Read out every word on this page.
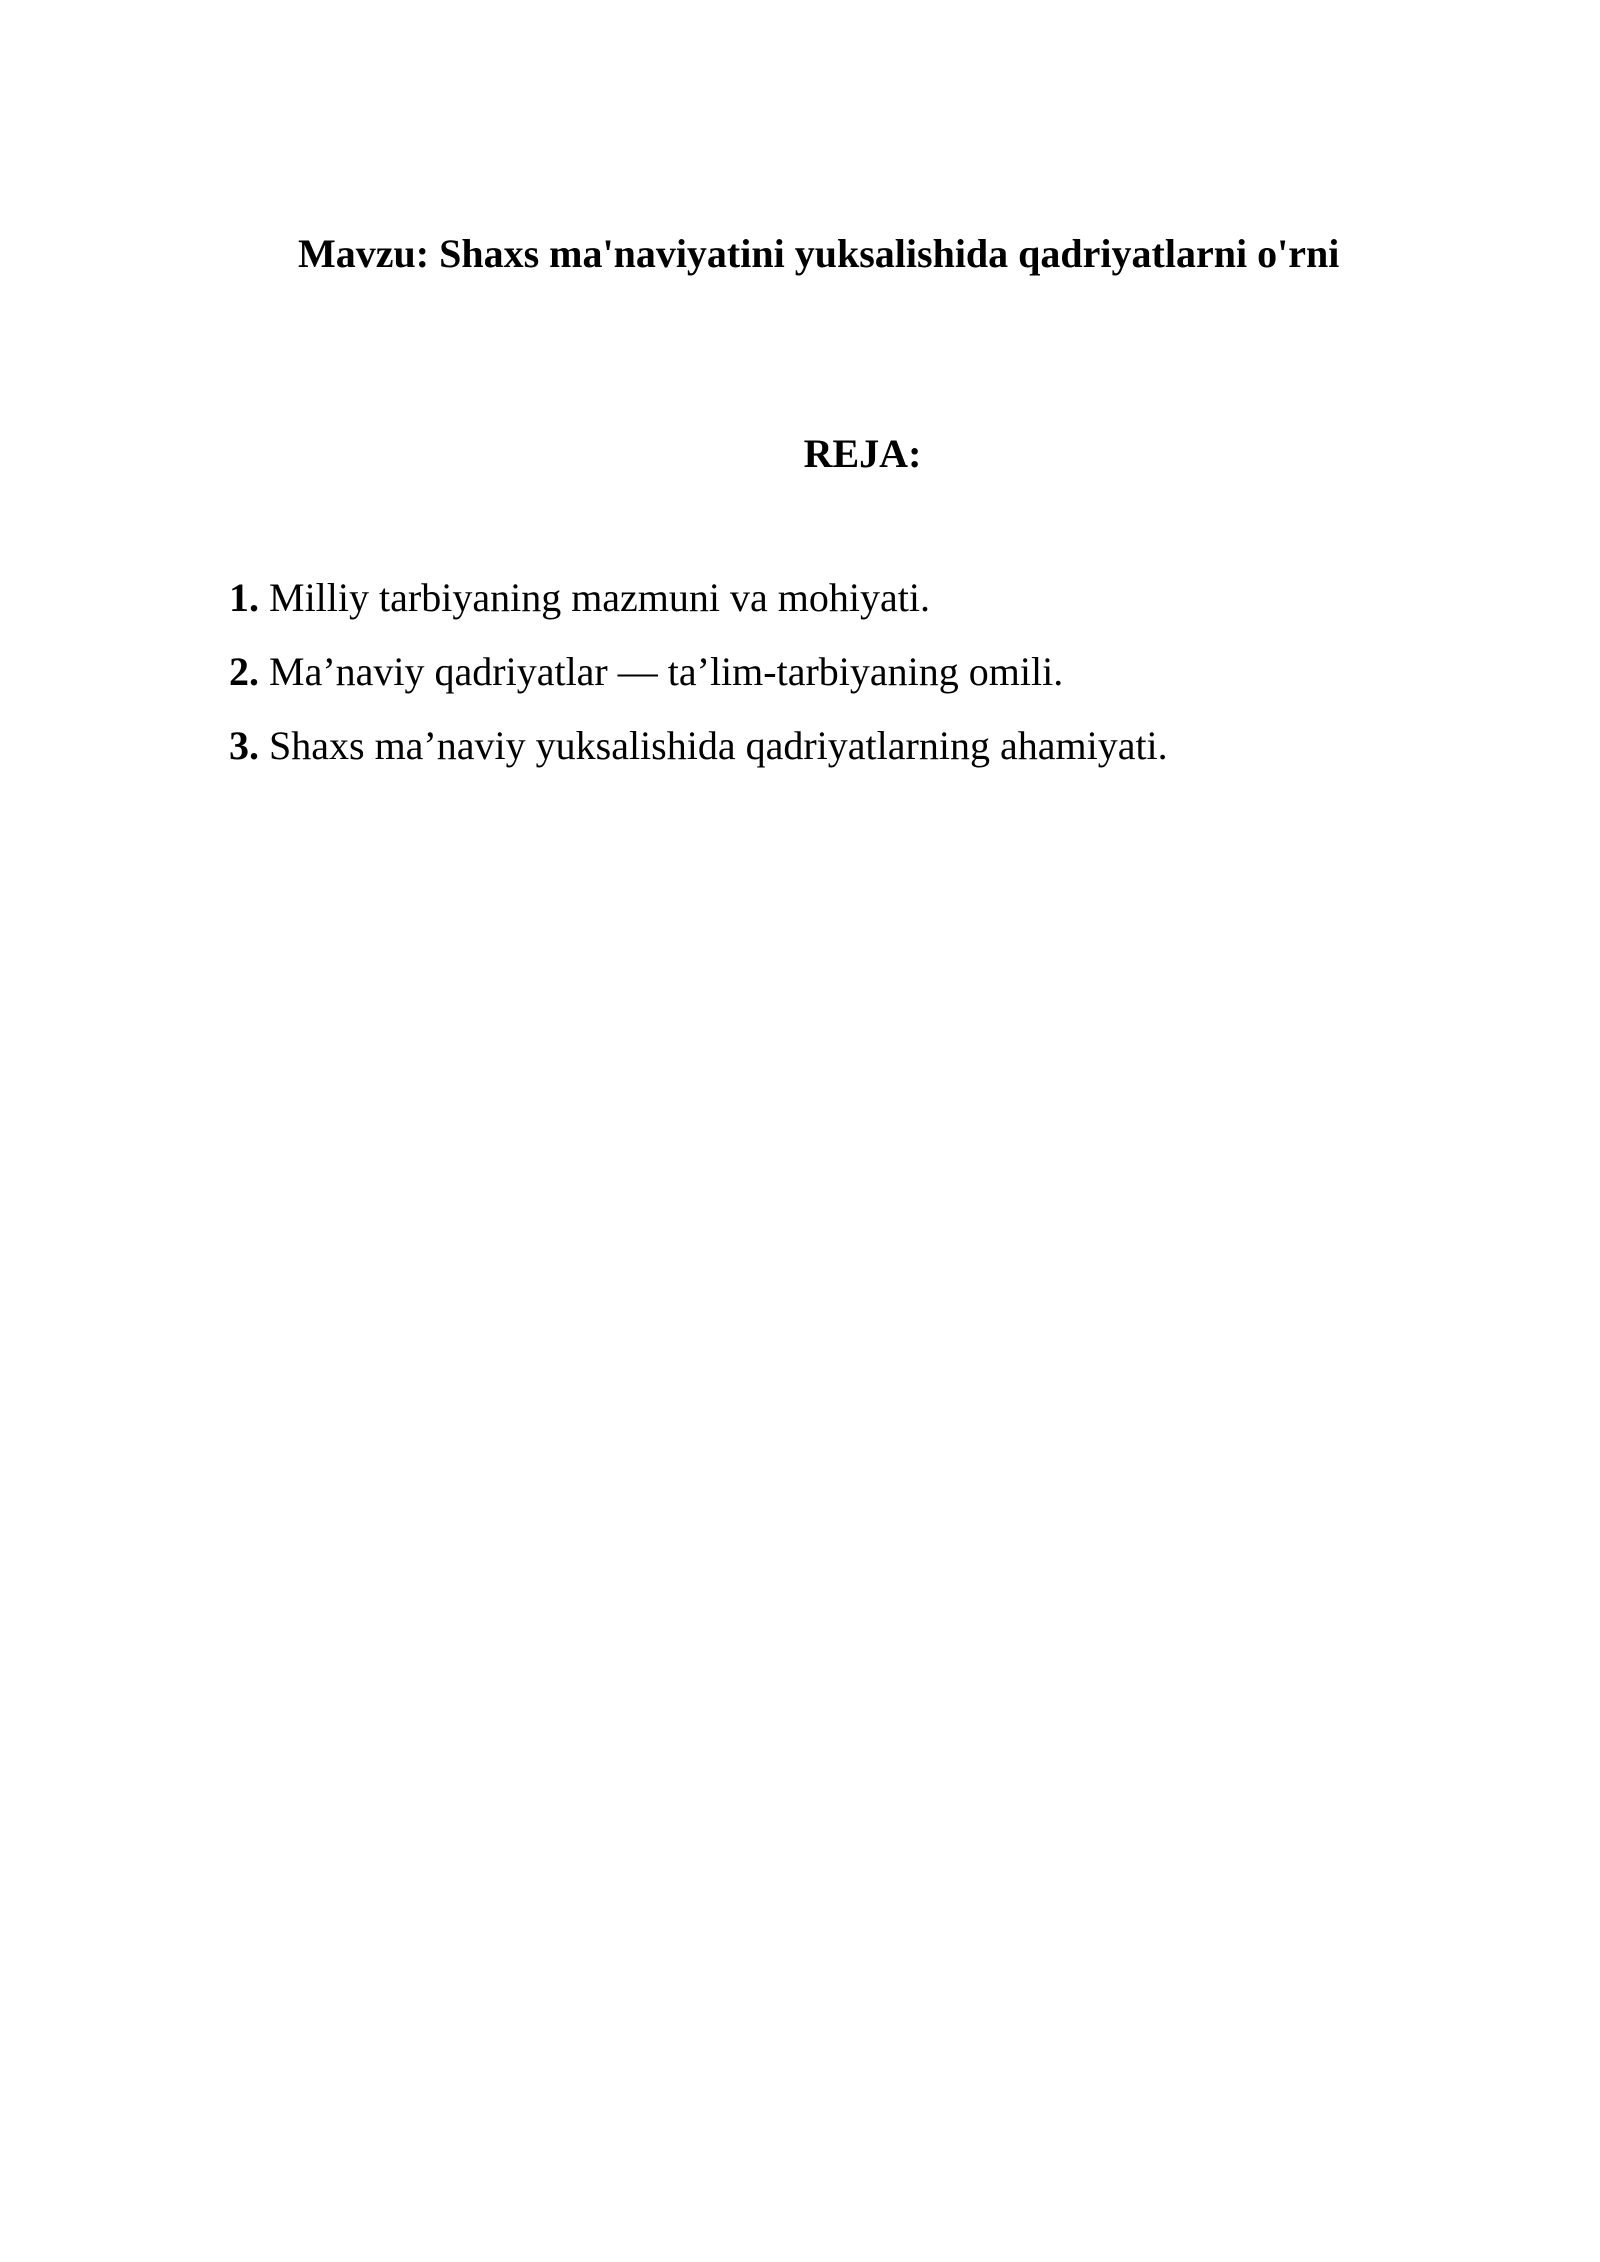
Mavzu: Shaxs ma'naviyatini yuksalishida qadriyatlarni o'rni
REJA:
1. Milliy tarbiyaning mazmuni va mohiyati.
2. Ma’naviy qadriyatlar — ta’lim-tarbiyaning omili.
3. Shaxs ma’naviy yuksalishida qadriyatlarning ahamiyati.
